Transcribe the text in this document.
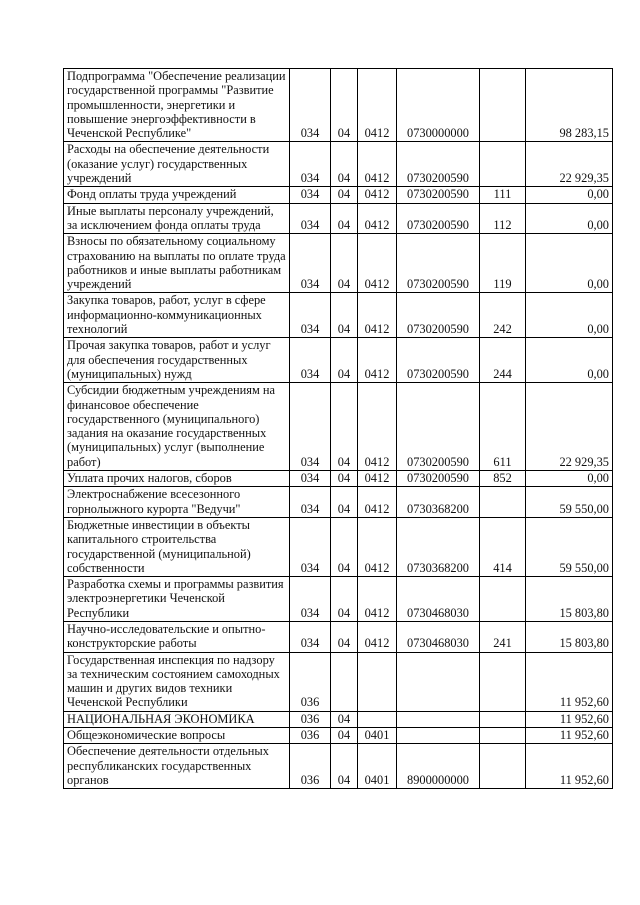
Подпрограмма "Обеспечение реализации государственной программы "Развитие промышленности, энергетики и повышение энергоэффективности в Чеченской Республике"	034	04	0412	0730000000		98 283,15
Расходы на обеспечение деятельности (оказание услуг) государственных учреждений	034	04	0412	0730200590		22 929,35
Фонд оплаты труда учреждений	034	04	0412	0730200590	111	0,00
Иные выплаты персоналу учреждений, за исключением фонда оплаты труда	034	04	0412	0730200590	112	0,00
Взносы по обязательному социальному страхованию на выплаты по оплате труда работников и иные выплаты работникам учреждений	034	04	0412	0730200590	119	0,00
Закупка товаров, работ, услуг в сфере информационно-коммуникационных технологий	034	04	0412	0730200590	242	0,00
Прочая закупка товаров, работ и услуг для обеспечения государственных (муниципальных) нужд	034	04	0412	0730200590	244	0,00
Субсидии бюджетным учреждениям на финансовое обеспечение государственного (муниципального) задания на оказание государственных (муниципальных) услуг (выполнение работ)	034	04	0412	0730200590	611	22 929,35
Уплата прочих налогов, сборов	034	04	0412	0730200590	852	0,00
Электроснабжение всесезонного горнолыжного курорта "Ведучи"	034	04	0412	0730368200		59 550,00
Бюджетные инвестиции в объекты капитального строительства государственной (муниципальной) собственности	034	04	0412	0730368200	414	59 550,00
Разработка схемы и программы развития электроэнергетики Чеченской Республики	034	04	0412	0730468030		15 803,80
Научно-исследовательские и опытно-конструкторские работы	034	04	0412	0730468030	241	15 803,80
Государственная инспекция по надзору за техническим состоянием самоходных машин и других видов техники Чеченской Республики	036					11 952,60
НАЦИОНАЛЬНАЯ ЭКОНОМИКА	036	04				11 952,60
Общеэкономические вопросы	036	04	0401			11 952,60
Обеспечение деятельности отдельных республиканских государственных органов	036	04	0401	8900000000		11 952,60
